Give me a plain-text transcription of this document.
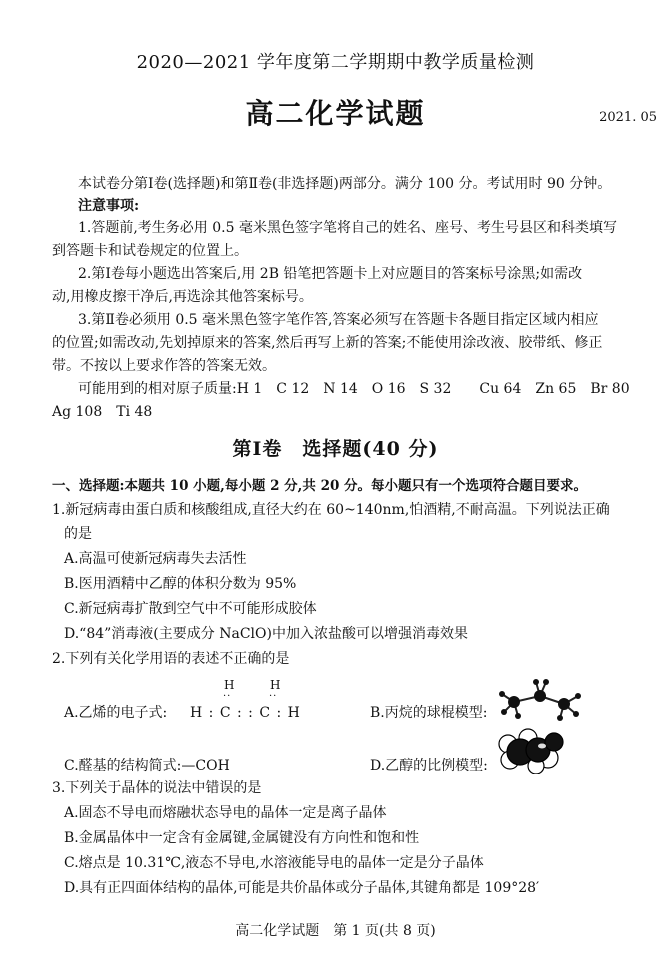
2020—2021 学年度第二学期期中教学质量检测
高二化学试题	2021. 05
本试卷分第Ⅰ卷(选择题)和第Ⅱ卷(非选择题)两部分。满分 100 分。考试用时 90 分钟。
注意事项:
1.答题前,考生务必用 0.5 毫米黑色签字笔将自己的姓名、座号、考生号县区和科类填写
到答题卡和试卷规定的位置上。
2.第Ⅰ卷每小题选出答案后,用 2B 铅笔把答题卡上对应题目的答案标号涂黑;如需改
动,用橡皮擦干净后,再选涂其他答案标号。
3.第Ⅱ卷必须用 0.5 毫米黑色签字笔作答,答案必须写在答题卡各题目指定区域内相应
的位置;如需改动,先划掉原来的答案,然后再写上新的答案;不能使用涂改液、胶带纸、修正
带。不按以上要求作答的答案无效。
可能用到的相对原子质量:H 1　C 12　N 14　O 16　S 32　　Cu 64　Zn 65　Br 80
Ag 108　Ti 48
第Ⅰ卷　选择题(40 分)
一、选择题:本题共 10 小题,每小题 2 分,共 20 分。每小题只有一个选项符合题目要求。
1.新冠病毒由蛋白质和核酸组成,直径大约在 60~140nm,怕酒精,不耐高温。下列说法正确
的是
A.高温可使新冠病毒失去活性
B.医用酒精中乙醇的体积分数为 95%
C.新冠病毒扩散到空气中不可能形成胶体
D.“84”消毒液(主要成分 NaClO)中加入浓盐酸可以增强消毒效果
2.下列有关化学用语的表述不正确的是
A.乙烯的电子式:
H	H
··	··
H : C : : C : H	B.丙烷的球棍模型:
C.醛基的结构简式:—COH	D.乙醇的比例模型:
3.下列关于晶体的说法中错误的是
A.固态不导电而熔融状态导电的晶体一定是离子晶体
B.金属晶体中一定含有金属键,金属键没有方向性和饱和性
C.熔点是 10.31℃,液态不导电,水溶液能导电的晶体一定是分子晶体
D.具有正四面体结构的晶体,可能是共价晶体或分子晶体,其键角都是 109°28′
高二化学试题　第 1 页(共 8 页)
